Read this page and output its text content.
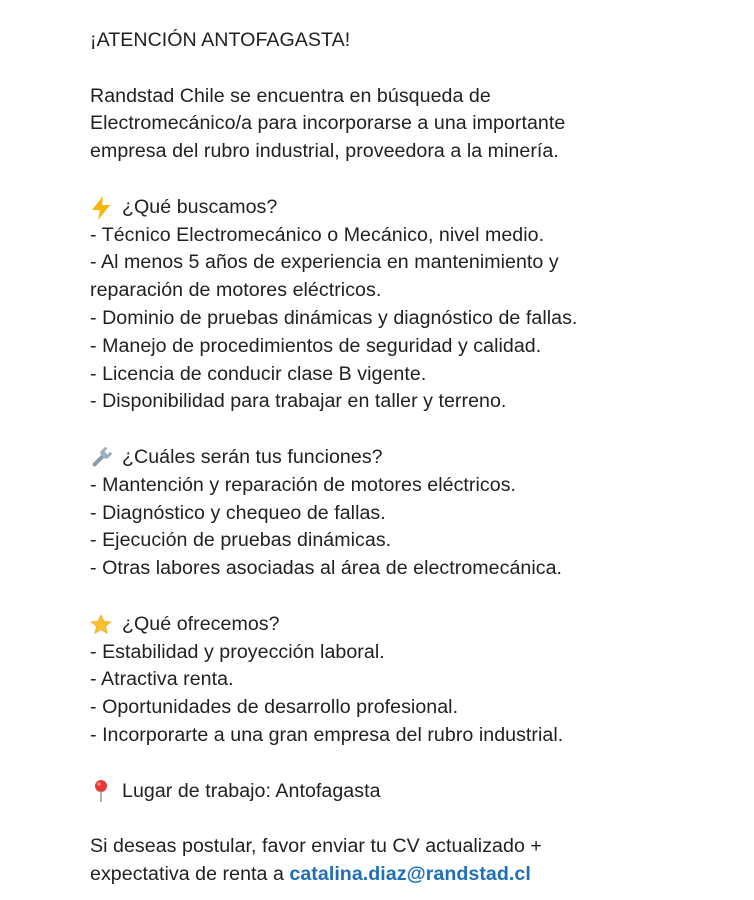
¡ATENCIÓN ANTOFAGASTA!
Randstad Chile se encuentra en búsqueda de Electromecánico/a para incorporarse a una importante empresa del rubro industrial, proveedora a la minería.
¿Qué buscamos?
- Técnico Electromecánico o Mecánico, nivel medio.
- Al menos 5 años de experiencia en mantenimiento y reparación de motores eléctricos.
- Dominio de pruebas dinámicas y diagnóstico de fallas.
- Manejo de procedimientos de seguridad y calidad.
- Licencia de conducir clase B vigente.
- Disponibilidad para trabajar en taller y terreno.
¿Cuáles serán tus funciones?
- Mantención y reparación de motores eléctricos.
- Diagnóstico y chequeo de fallas.
- Ejecución de pruebas dinámicas.
- Otras labores asociadas al área de electromecánica.
¿Qué ofrecemos?
- Estabilidad y proyección laboral.
- Atractiva renta.
- Oportunidades de desarrollo profesional.
- Incorporarte a una gran empresa del rubro industrial.
Lugar de trabajo: Antofagasta
Si deseas postular, favor enviar tu CV actualizado + expectativa de renta a catalina.diaz@randstad.cl
